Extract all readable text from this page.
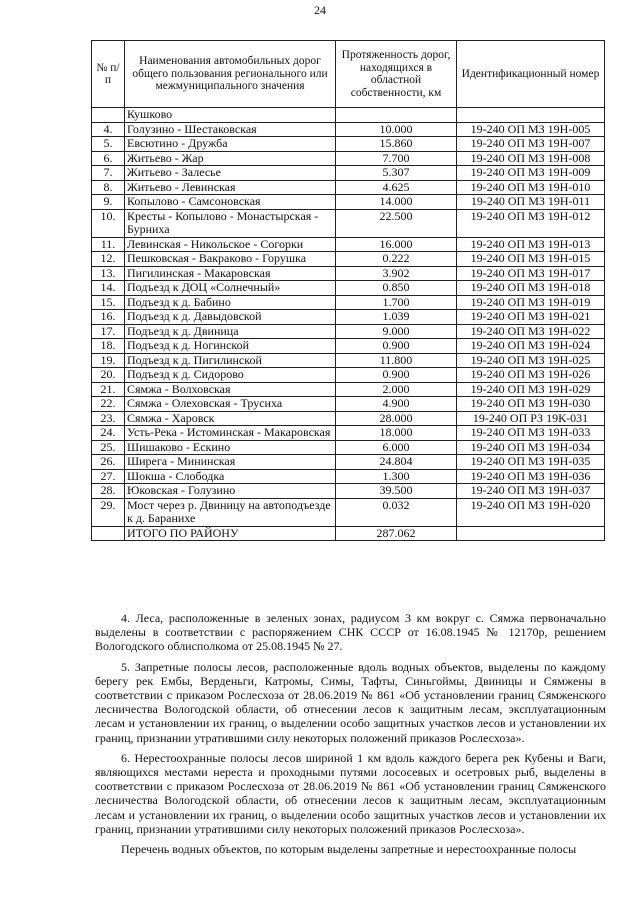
24
№ п/п	Наименования автомобильных дорог общего пользования регионального или межмуниципального значения	Протяженность дорог, находящихся в областной собственности, км	Идентификационный номер
	Кушково		
4.	Голузино - Шестаковская	10.000	19-240 ОП МЗ 19Н-005
5.	Евсютино - Дружба	15.860	19-240 ОП МЗ 19Н-007
6.	Житьево - Жар	7.700	19-240 ОП МЗ 19Н-008
7.	Житьево - Залесье	5.307	19-240 ОП МЗ 19Н-009
8.	Житьево - Левинская	4.625	19-240 ОП МЗ 19Н-010
9.	Копылово - Самсоновская	14.000	19-240 ОП МЗ 19Н-011
10.	Кресты - Копылово - Монастырская - Бурниха	22.500	19-240 ОП МЗ 19Н-012
11.	Левинская - Никольское - Согорки	16.000	19-240 ОП МЗ 19Н-013
12.	Пешковская - Вакраково - Горушка	0.222	19-240 ОП МЗ 19Н-015
13.	Пигилинская - Макаровская	3.902	19-240 ОП МЗ 19Н-017
14.	Подъезд к ДОЦ «Солнечный»	0.850	19-240 ОП МЗ 19Н-018
15.	Подъезд к д. Бабино	1.700	19-240 ОП МЗ 19Н-019
16.	Подъезд к д. Давыдовской	1.039	19-240 ОП МЗ 19Н-021
17.	Подъезд к д. Двиница	9.000	19-240 ОП МЗ 19Н-022
18.	Подъезд к д. Ногинской	0.900	19-240 ОП МЗ 19Н-024
19.	Подъезд к д. Пигилинской	11.800	19-240 ОП МЗ 19Н-025
20.	Подъезд к д. Сидорово	0.900	19-240 ОП МЗ 19Н-026
21.	Сямжа - Волховская	2.000	19-240 ОП МЗ 19Н-029
22.	Сямжа - Олеховская - Трусиха	4.900	19-240 ОП МЗ 19Н-030
23.	Сямжа - Харовск	28.000	19-240 ОП РЗ 19К-031
24.	Усть-Река - Истоминская - Макаровская	18.000	19-240 ОП МЗ 19Н-033
25.	Шишаково - Ескино	6.000	19-240 ОП МЗ 19Н-034
26.	Ширега - Мининская	24.804	19-240 ОП МЗ 19Н-035
27.	Шокша - Слободка	1.300	19-240 ОП МЗ 19Н-036
28.	Юковская - Голузино	39.500	19-240 ОП МЗ 19Н-037
29.	Мост через р. Двиницу на автоподъезде к д. Баранихе	0.032	19-240 ОП МЗ 19Н-020
	ИТОГО ПО РАЙОНУ	287.062	

4. Леса, расположенные в зеленых зонах, радиусом 3 км вокруг с. Сямжа первоначально выделены в соответствии с распоряжением СНК СССР от 16.08.1945 № 12170р, решением Вологодского облисполкома от 25.08.1945 № 27.

5. Запретные полосы лесов, расположенные вдоль водных объектов, выделены по каждому берегу рек Ембы, Верденьги, Катромы, Симы, Тафты, Синьгоймы, Двиницы и Сямжены в соответствии с приказом Рослесхоза от 28.06.2019 № 861 «Об установлении границ Сямженского лесничества Вологодской области, об отнесении лесов к защитным лесам, эксплуатационным лесам и установлении их границ, о выделении особо защитных участков лесов и установлении их границ, признании утратившими силу некоторых положений приказов Рослесхоза».

6. Нерестоохранные полосы лесов шириной 1 км вдоль каждого берега рек Кубены и Ваги, являющихся местами нереста и проходными путями лососевых и осетровых рыб, выделены в соответствии с приказом Рослесхоза от 28.06.2019 № 861 «Об установлении границ Сямженского лесничества Вологодской области, об отнесении лесов к защитным лесам, эксплуатационным лесам и установлении их границ, о выделении особо защитных участков лесов и установлении их границ, признании утратившими силу некоторых положений приказов Рослесхоза».

Перечень водных объектов, по которым выделены запретные и нерестоохранные полосы
